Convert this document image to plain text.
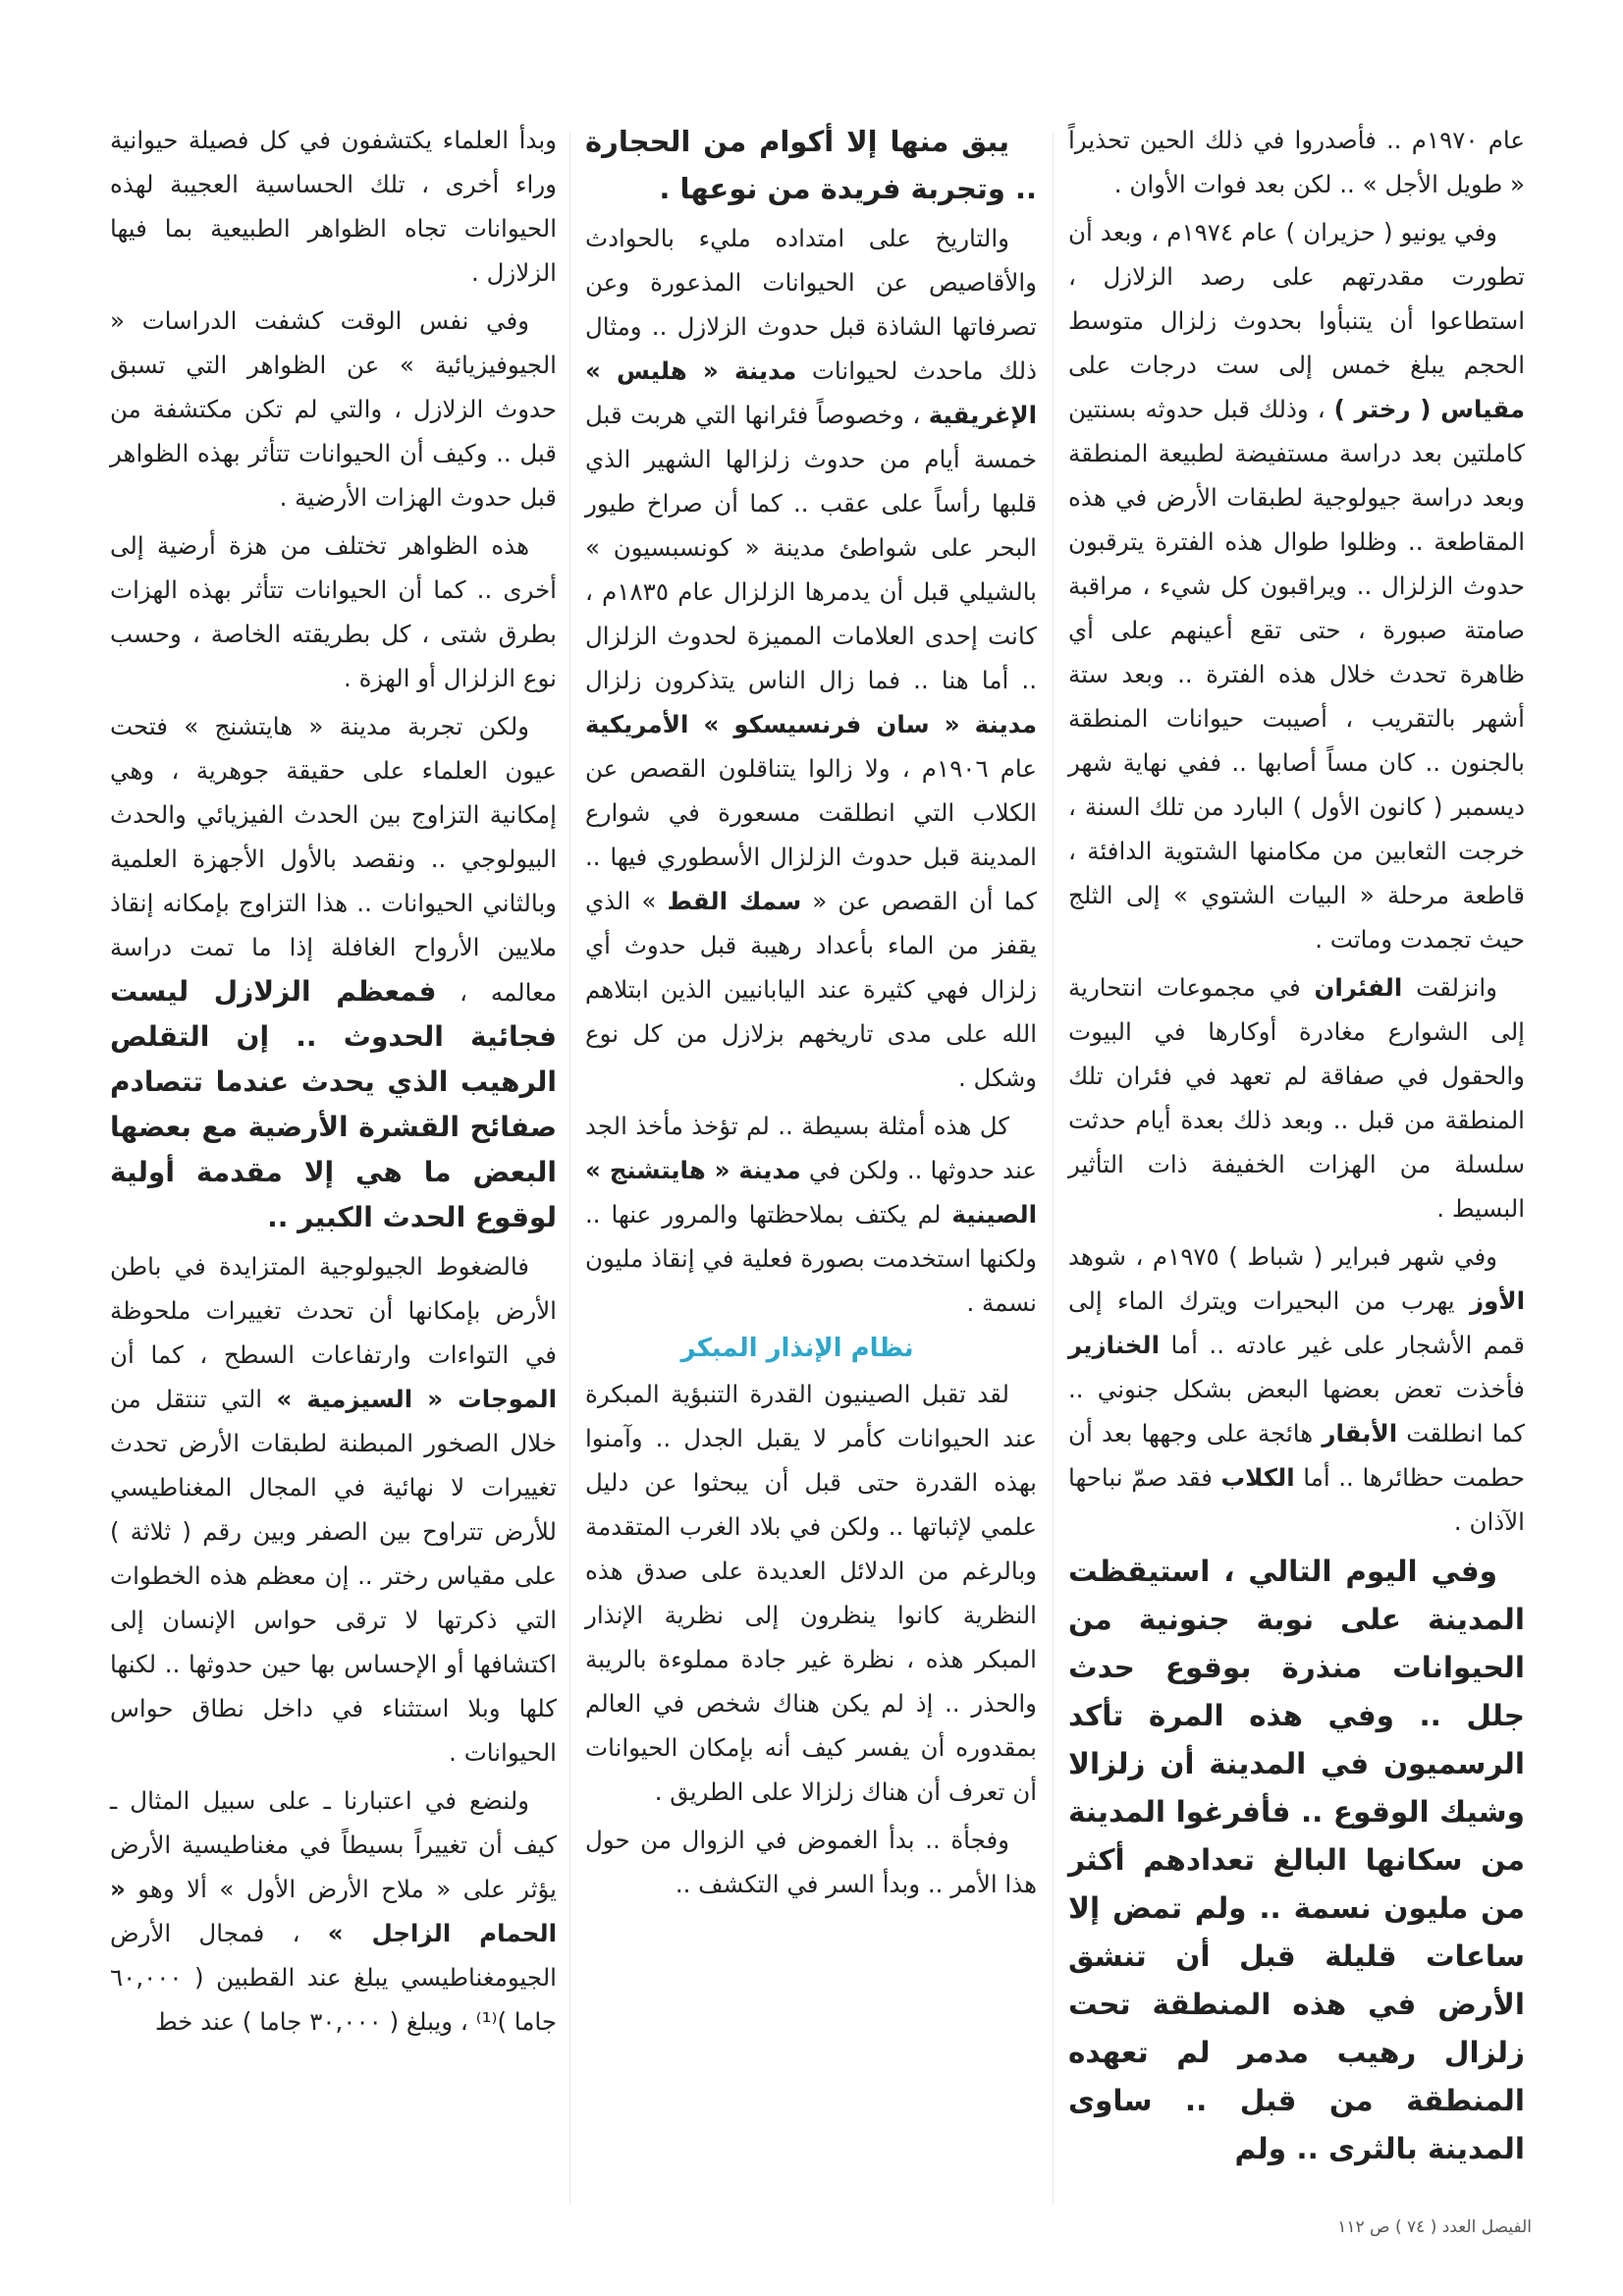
عام ١٩٧٠م .. فأصدروا في ذلك الحين تحذيراً « طويل الأجل » .. لكن بعد فوات الأوان .

وفي يونيو ( حزيران ) عام ١٩٧٤م ، وبعد أن تطورت مقدرتهم على رصد الزلازل ، استطاعوا أن يتنبأوا بحدوث زلزال متوسط الحجم يبلغ خمس إلى ست درجات على مقياس ( رختر ) ، وذلك قبل حدوثه بسنتين كاملتين بعد دراسة مستفيضة لطبيعة المنطقة وبعد دراسة جيولوجية لطبقات الأرض في هذه المقاطعة .. وظلوا طوال هذه الفترة يترقبون حدوث الزلزال .. ويراقبون كل شيء ، مراقبة صامتة صبورة ، حتى تقع أعينهم على أي ظاهرة تحدث خلال هذه الفترة .. وبعد ستة أشهر بالتقريب ، أصيبت حيوانات المنطقة بالجنون .. كان مساً أصابها .. ففي نهاية شهر ديسمبر ( كانون الأول ) البارد من تلك السنة ، خرجت الثعابين من مكامنها الشتوية الدافئة ، قاطعة مرحلة « البيات الشتوي » إلى الثلج حيث تجمدت وماتت .

وانزلقت الفئران في مجموعات انتحارية إلى الشوارع مغادرة أوكارها في البيوت والحقول في صفاقة لم تعهد في فئران تلك المنطقة من قبل .. وبعد ذلك بعدة أيام حدثت سلسلة من الهزات الخفيفة ذات التأثير البسيط .

وفي شهر فبراير ( شباط ) ١٩٧٥م ، شوهد الأوز يهرب من البحيرات ويترك الماء إلى قمم الأشجار على غير عادته .. أما الخنازير فأخذت تعض بعضها البعض بشكل جنوني .. كما انطلقت الأبقار هائجة على وجهها بعد أن حطمت حظائرها .. أما الكلاب فقد صمّ نباحها الآذان .

وفي اليوم التالي ، استيقظت المدينة على نوبة جنونية من الحيوانات منذرة بوقوع حدث جلل .. وفي هذه المرة تأكد الرسميون في المدينة أن زلزالا وشيك الوقوع .. فأفرغوا المدينة من سكانها البالغ تعدادهم أكثر من مليون نسمة .. ولم تمض إلا ساعات قليلة قبل أن تنشق الأرض في هذه المنطقة تحت زلزال رهيب مدمر لم تعهده المنطقة من قبل .. ساوى المدينة بالثرى .. ولم

يبق منها إلا أكوام من الحجارة .. وتجربة فريدة من نوعها .

والتاريخ على امتداده مليء بالحوادث والأقاصيص عن الحيوانات المذعورة وعن تصرفاتها الشاذة قبل حدوث الزلازل .. ومثال ذلك ماحدث لحيوانات مدينة « هليس » الإغريقية ، وخصوصاً فئرانها التي هربت قبل خمسة أيام من حدوث زلزالها الشهير الذي قلبها رأساً على عقب .. كما أن صراخ طيور البحر على شواطئ مدينة « كونسبسيون » بالشيلي قبل أن يدمرها الزلزال عام ١٨٣٥م ، كانت إحدى العلامات المميزة لحدوث الزلزال .. أما هنا .. فما زال الناس يتذكرون زلزال مدينة « سان فرنسيسكو » الأمريكية عام ١٩٠٦م ، ولا زالوا يتناقلون القصص عن الكلاب التي انطلقت مسعورة في شوارع المدينة قبل حدوث الزلزال الأسطوري فيها .. كما أن القصص عن « سمك القط » الذي يقفز من الماء بأعداد رهيبة قبل حدوث أي زلزال فهي كثيرة عند اليابانيين الذين ابتلاهم الله على مدى تاريخهم بزلازل من كل نوع وشكل .

كل هذه أمثلة بسيطة .. لم تؤخذ مأخذ الجد عند حدوثها .. ولكن في مدينة « هايتشنج » الصينية لم يكتف بملاحظتها والمرور عنها .. ولكنها استخدمت بصورة فعلية في إنقاذ مليون نسمة .

نظام الإنذار المبكر

لقد تقبل الصينيون القدرة التنبؤية المبكرة عند الحيوانات كأمر لا يقبل الجدل .. وآمنوا بهذه القدرة حتى قبل أن يبحثوا عن دليل علمي لإثباتها .. ولكن في بلاد الغرب المتقدمة وبالرغم من الدلائل العديدة على صدق هذه النظرية كانوا ينظرون إلى نظرية الإنذار المبكر هذه ، نظرة غير جادة مملوءة بالريبة والحذر .. إذ لم يكن هناك شخص في العالم بمقدوره أن يفسر كيف أنه بإمكان الحيوانات أن تعرف أن هناك زلزالا على الطريق .

وفجأة .. بدأ الغموض في الزوال من حول هذا الأمر .. وبدأ السر في التكشف ..

وبدأ العلماء يكتشفون في كل فصيلة حيوانية وراء أخرى ، تلك الحساسية العجيبة لهذه الحيوانات تجاه الظواهر الطبيعية بما فيها الزلازل .

وفي نفس الوقت كشفت الدراسات « الجيوفيزيائية » عن الظواهر التي تسبق حدوث الزلازل ، والتي لم تكن مكتشفة من قبل .. وكيف أن الحيوانات تتأثر بهذه الظواهر قبل حدوث الهزات الأرضية .

هذه الظواهر تختلف من هزة أرضية إلى أخرى .. كما أن الحيوانات تتأثر بهذه الهزات بطرق شتى ، كل بطريقته الخاصة ، وحسب نوع الزلزال أو الهزة .

ولكن تجربة مدينة « هايتشنج » فتحت عيون العلماء على حقيقة جوهرية ، وهي إمكانية التزاوج بين الحدث الفيزيائي والحدث البيولوجي .. ونقصد بالأول الأجهزة العلمية وبالثاني الحيوانات .. هذا التزاوج بإمكانه إنقاذ ملايين الأرواح الغافلة إذا ما تمت دراسة معالمه ، فمعظم الزلازل ليست فجائية الحدوث .. إن التقلص الرهيب الذي يحدث عندما تتصادم صفائح القشرة الأرضية مع بعضها البعض ما هي إلا مقدمة أولية لوقوع الحدث الكبير ..

فالضغوط الجيولوجية المتزايدة في باطن الأرض بإمكانها أن تحدث تغييرات ملحوظة في التواءات وارتفاعات السطح ، كما أن الموجات « السيزمية » التي تنتقل من خلال الصخور المبطنة لطبقات الأرض تحدث تغييرات لا نهائية في المجال المغناطيسي للأرض تتراوح بين الصفر وبين رقم ( ثلاثة ) على مقياس رختر .. إن معظم هذه الخطوات التي ذكرتها لا ترقى حواس الإنسان إلى اكتشافها أو الإحساس بها حين حدوثها .. لكنها كلها وبلا استثناء في داخل نطاق حواس الحيوانات .

ولنضع في اعتبارنا ـ على سبيل المثال ـ كيف أن تغييراً بسيطاً في مغناطيسية الأرض يؤثر على « ملاح الأرض الأول » ألا وهو « الحمام الزاجل » ، فمجال الأرض الجيومغناطيسي يبلغ عند القطبين ( ٦٠,٠٠٠ جاما )⁽¹⁾ ، ويبلغ ( ٣٠,٠٠٠ جاما ) عند خط

الفيصل العدد ( ٧٤ ) ص ١١٢
